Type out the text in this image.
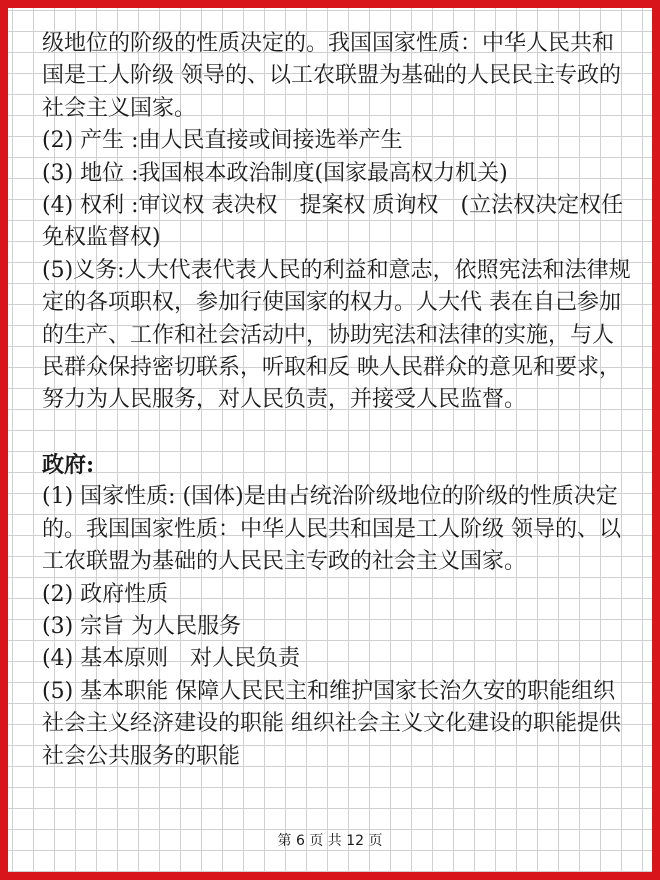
级地位的阶级的性质决定的。我国国家性质：中华人民共和国是工人阶级 领导的、以工农联盟为基础的人民民主专政的社会主义国家。

(2) 产生 :由人民直接或间接选举产生

(3) 地位 :我国根本政治制度(国家最高权力机关)

(4) 权利 :审议权 表决权　提案权 质询权　(立法权决定权任免权监督权)

(5)义务:人大代表代表人民的利益和意志，依照宪法和法律规定的各项职权，参加行使国家的权力。人大代 表在自己参加的生产、工作和社会活动中，协助宪法和法律的实施，与人民群众保持密切联系，听取和反 映人民群众的意见和要求，努力为人民服务，对人民负责，并接受人民监督。

政府:

(1) 国家性质: (国体)是由占统治阶级地位的阶级的性质决定的。我国国家性质：中华人民共和国是工人阶级 领导的、以工农联盟为基础的人民民主专政的社会主义国家。

(2) 政府性质

(3) 宗旨 为人民服务

(4) 基本原则　对人民负责

(5) 基本职能 保障人民民主和维护国家长治久安的职能组织社会主义经济建设的职能 组织社会主义文化建设的职能提供社会公共服务的职能

第 6 页 共 12 页
